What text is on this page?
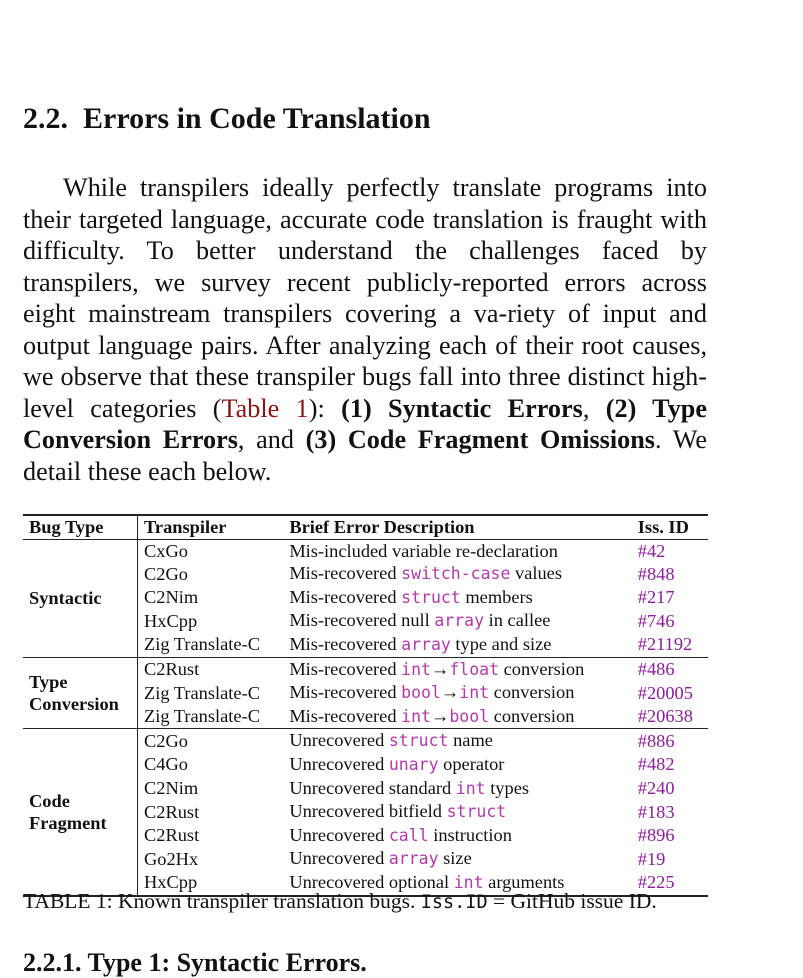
2.2. Errors in Code Translation

While transpilers ideally perfectly translate programs into their targeted language, accurate code translation is fraught with difficulty. To better understand the challenges faced by transpilers, we survey recent publicly-reported errors across eight mainstream transpilers covering a va-riety of input and output language pairs. After analyzing each of their root causes, we observe that these transpiler bugs fall into three distinct high-level categories (Table 1): (1) Syntactic Errors, (2) Type Conversion Errors, and (3) Code Fragment Omissions. We detail these each below.

Bug Type	Transpiler	Brief Error Description	Iss. ID
Syntactic	CxGo	Mis-included variable re-declaration	#42
	C2Go	Mis-recovered switch-case values	#848
	C2Nim	Mis-recovered struct members	#217
	HxCpp	Mis-recovered null array in callee	#746
	Zig Translate-C	Mis-recovered array type and size	#21192
Type Conversion	C2Rust	Mis-recovered int→float conversion	#486
	Zig Translate-C	Mis-recovered bool→int conversion	#20005
	Zig Translate-C	Mis-recovered int→bool conversion	#20638
Code Fragment	C2Go	Unrecovered struct name	#886
	C4Go	Unrecovered unary operator	#482
	C2Nim	Unrecovered standard int types	#240
	C2Rust	Unrecovered bitfield struct	#183
	C2Rust	Unrecovered call instruction	#896
	Go2Hx	Unrecovered array size	#19
	HxCpp	Unrecovered optional int arguments	#225

TABLE 1: Known transpiler translation bugs. Iss.ID = GitHub issue ID.

2.2.1. Type 1: Syntactic Errors.
